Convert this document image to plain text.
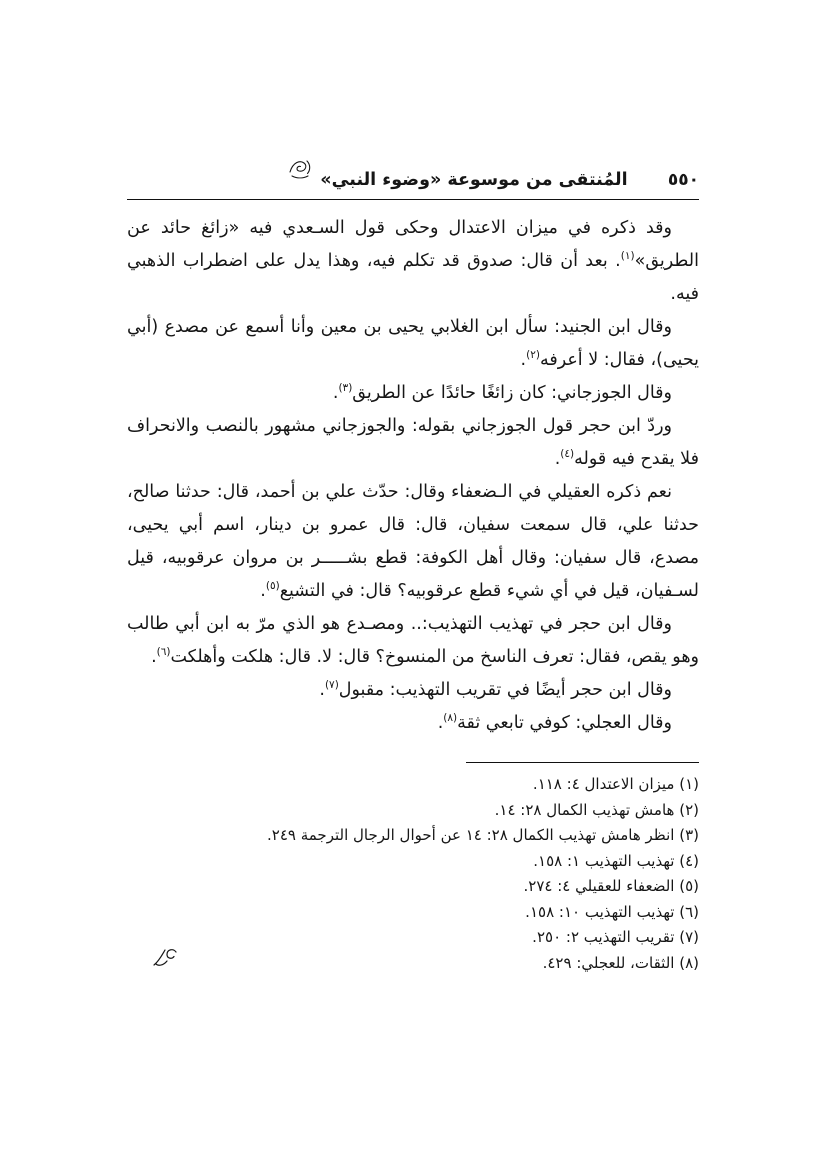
٥٥٠
المُنتقى من موسوعة «وضوء النبي»

وقد ذكره في ميزان الاعتدال وحكى قول السـعدي فيه «زائغ حائد عن الطريق»$^{(١)}$. بعد أن قال: صدوق قد تكلم فيه، وهذا يدل على اضطراب الذهبي فيه.

وقال ابن الجنيد: سأل ابن الغلابي يحيى بن معين وأنا أسمع عن مصدع (أبي يحيى)، فقال: لا أعرفه$^{(٢)}$.

وقال الجوزجاني: كان زائغًا حائدًا عن الطريق$^{(٣)}$.

وردّ ابن حجر قول الجوزجاني بقوله: والجوزجاني مشهور بالنصب والانحراف فلا يقدح فيه قوله$^{(٤)}$.

نعم ذكره العقيلي في الـضعفاء وقال: حدّث علي بن أحمد، قال: حدثنا صالح، حدثنا علي، قال سمعت سفيان، قال: قال عمرو بن دينار، اسم أبي يحيى، مصدع، قال سفيان: وقال أهل الكوفة: قطع بشـــــر بن مروان عرقوبيه، قيل لسـفيان، قيل في أي شيء قطع عرقوبيه؟ قال: في التشيع$^{(٥)}$.

وقال ابن حجر في تهذيب التهذيب:.. ومصـدع هو الذي مرّ به ابن أبي طالب وهو يقص، فقال: تعرف الناسخ من المنسوخ؟ قال: لا. قال: هلكت وأهلكت$^{(٦)}$.

وقال ابن حجر أيضًا في تقريب التهذيب: مقبول$^{(٧)}$.

وقال العجلي: كوفي تابعي ثقة$^{(٨)}$.

(١) ميزان الاعتدال ٤: ١١٨.

(٢) هامش تهذيب الكمال ٢٨: ١٤.

(٣) انظر هامش تهذيب الكمال ٢٨: ١٤ عن أحوال الرجال الترجمة ٢٤٩.

(٤) تهذيب التهذيب ١: ١٥٨.

(٥) الضعفاء للعقيلي ٤: ٢٧٤.

(٦) تهذيب التهذيب ١٠: ١٥٨.

(٧) تقريب التهذيب ٢: ٢٥٠.

(٨) الثقات، للعجلي: ٤٢٩.
